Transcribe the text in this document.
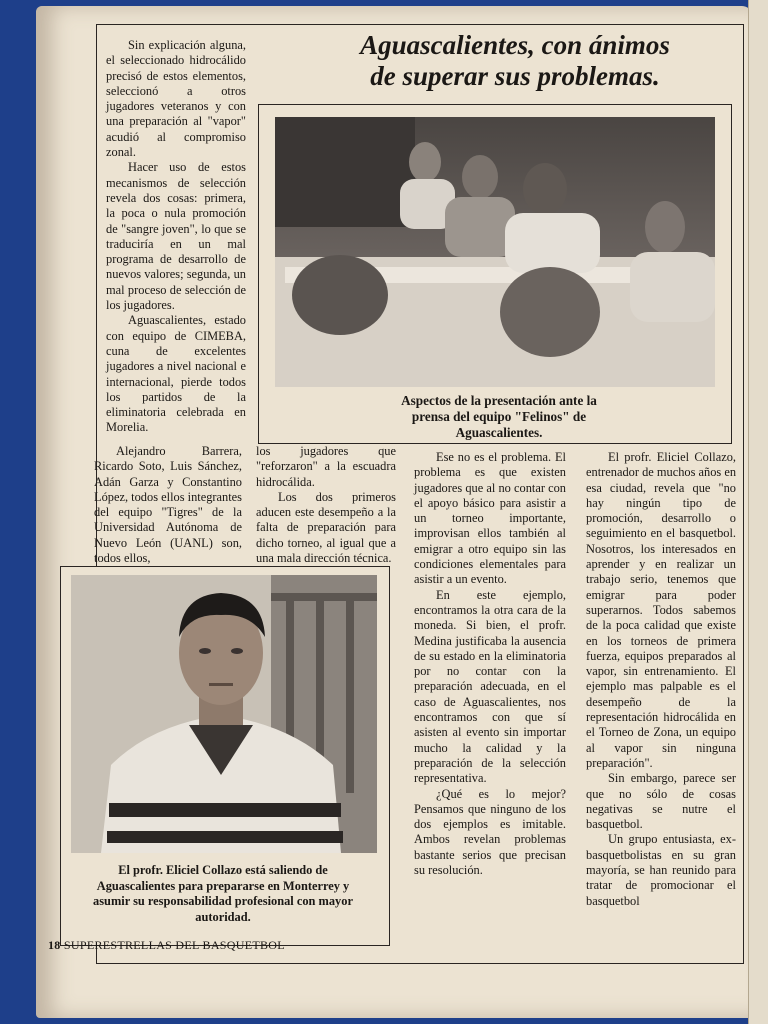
Aguascalientes, con ánimos
de superar sus problemas.

Sin explicación alguna, el seleccionado hidrocálido precisó de estos elementos, seleccionó a otros jugadores veteranos y con una preparación al "vapor" acudió al compromiso zonal.

Hacer uso de estos mecanismos de selección revela dos cosas: primera, la poca o nula promoción de "sangre joven", lo que se traduciría en un mal programa de desarrollo de nuevos valores; segunda, un mal proceso de selección de los jugadores.

Aguascalientes, estado con equipo de CIMEBA, cuna de excelentes jugadores a nivel nacional e internacional, pierde todos los partidos de la eliminatoria celebrada en Morelia.

Aspectos de la presentación ante la
prensa del equipo "Felinos" de
Aguascalientes.

Alejandro Barrera, Ricardo Soto, Luis Sánchez, Adán Garza y Constantino López, todos ellos integrantes del equipo "Tigres" de la Universidad Autónoma de Nuevo León (UANL) son, todos ellos,

los jugadores que "reforzaron" a la escuadra hidrocálida.

Los dos primeros aducen este desempeño a la falta de preparación para dicho torneo, al igual que a una mala dirección técnica.

Ese no es el problema. El problema es que existen jugadores que al no contar con el apoyo básico para asistir a un torneo importante, improvisan ellos también al emigrar a otro equipo sin las condiciones elementales para asistir a un evento.

En este ejemplo, encontramos la otra cara de la moneda. Si bien, el profr. Medina justificaba la ausencia de su estado en la eliminatoria por no contar con la preparación adecuada, en el caso de Aguascalientes, nos encontramos con que sí asisten al evento sin importar mucho la calidad y la preparación de la selección representativa.

¿Qué es lo mejor? Pensamos que ninguno de los dos ejemplos es imitable. Ambos revelan problemas bastante serios que precisan su resolución.

El profr. Eliciel Collazo, entrenador de muchos años en esa ciudad, revela que "no hay ningún tipo de promoción, desarrollo o seguimiento en el basquetbol. Nosotros, los interesados en aprender y en realizar un trabajo serio, tenemos que emigrar para poder superarnos. Todos sabemos de la poca calidad que existe en los torneos de primera fuerza, equipos preparados al vapor, sin entrenamiento. El ejemplo mas palpable es el desempeño de la representación hidrocálida en el Torneo de Zona, un equipo al vapor sin ninguna preparación".

Sin embargo, parece ser que no sólo de cosas negativas se nutre el basquetbol.

Un grupo entusiasta, ex-basquetbolistas en su gran mayoría, se han reunido para tratar de promocionar el basquetbol

El profr. Eliciel Collazo está saliendo de
Aguascalientes para prepararse en Monterrey y
asumir su responsabilidad profesional con mayor
autoridad.
18 SUPERESTRELLAS DEL BASQUETBOL
